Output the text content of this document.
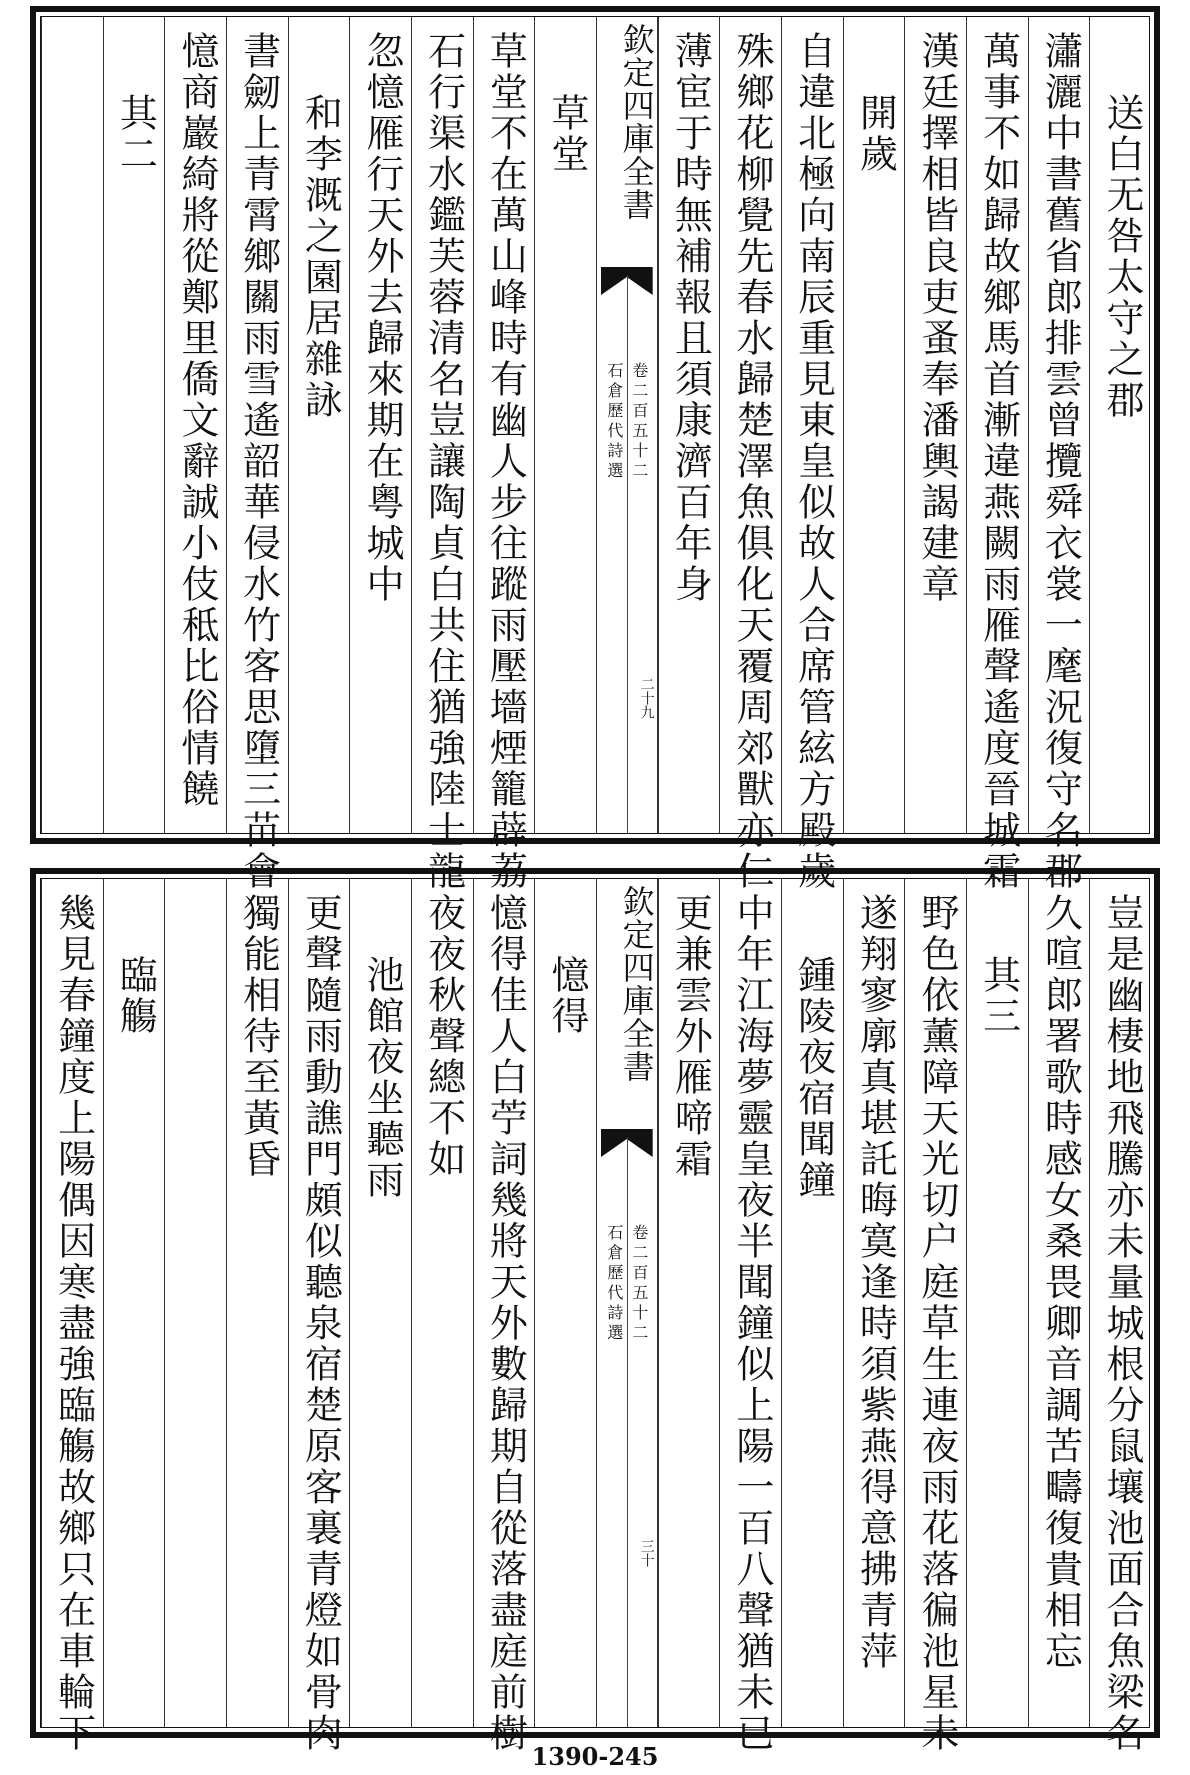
送白无咎太守之郡
瀟灑中書舊省郎排雲曾攬舜衣裳一麾況復守名郡
萬事不如歸故鄉馬首漸違燕闕雨雁聲遙度晉城霜
漢廷擇相皆良吏蚤奉潘輿謁建章
開歲
自違北極向南辰重見東皇似故人合席管絃方殿歲
殊鄉花柳覺先春水歸楚澤魚俱化天覆周郊獸亦仁
薄宦于時無補報且須康濟百年身
欽定四庫全書
石倉歷代詩選 卷二百五十二
二十九
草堂
草堂不在萬山峰時有幽人步往蹤雨壓墻煙籠薜荔
石行渠水鑑芙蓉清名豈讓陶貞白共住猶強陸士龍
忽憶雁行天外去歸來期在粤城中
和李溉之園居雜詠
書劒上青霄鄉關雨雪遙韶華侵水竹客思墮三苗會
憶商巖綺將從鄭里僑文辭誠小伎秪比俗情饒
其二
豈是幽棲地飛騰亦未量城根分鼠壤池面合魚梁名
久喧郎署歌時感女桑畏卿音調苦疇復貴相忘
其三
野色依薰障天光切户庭草生連夜雨花落徧池星未
遂翔寥廓真堪託晦寞逢時須紫燕得意拂青萍
鍾陵夜宿聞鐘
中年江海夢靈皇夜半聞鐘似上陽一百八聲猶未已
更兼雲外雁啼霜
欽定四庫全書
石倉歷代詩選 卷二百五十二
三十
憶得
憶得佳人白苧詞幾將天外數歸期自從落盡庭前樹
夜夜秋聲總不如
池館夜坐聽雨
更聲隨雨動譙門頗似聽泉宿楚原客裏青燈如骨肉
獨能相待至黃昏
臨觴
幾見春鐘度上陽偶因寒盡強臨觴故鄉只在車輪下
1390-245
